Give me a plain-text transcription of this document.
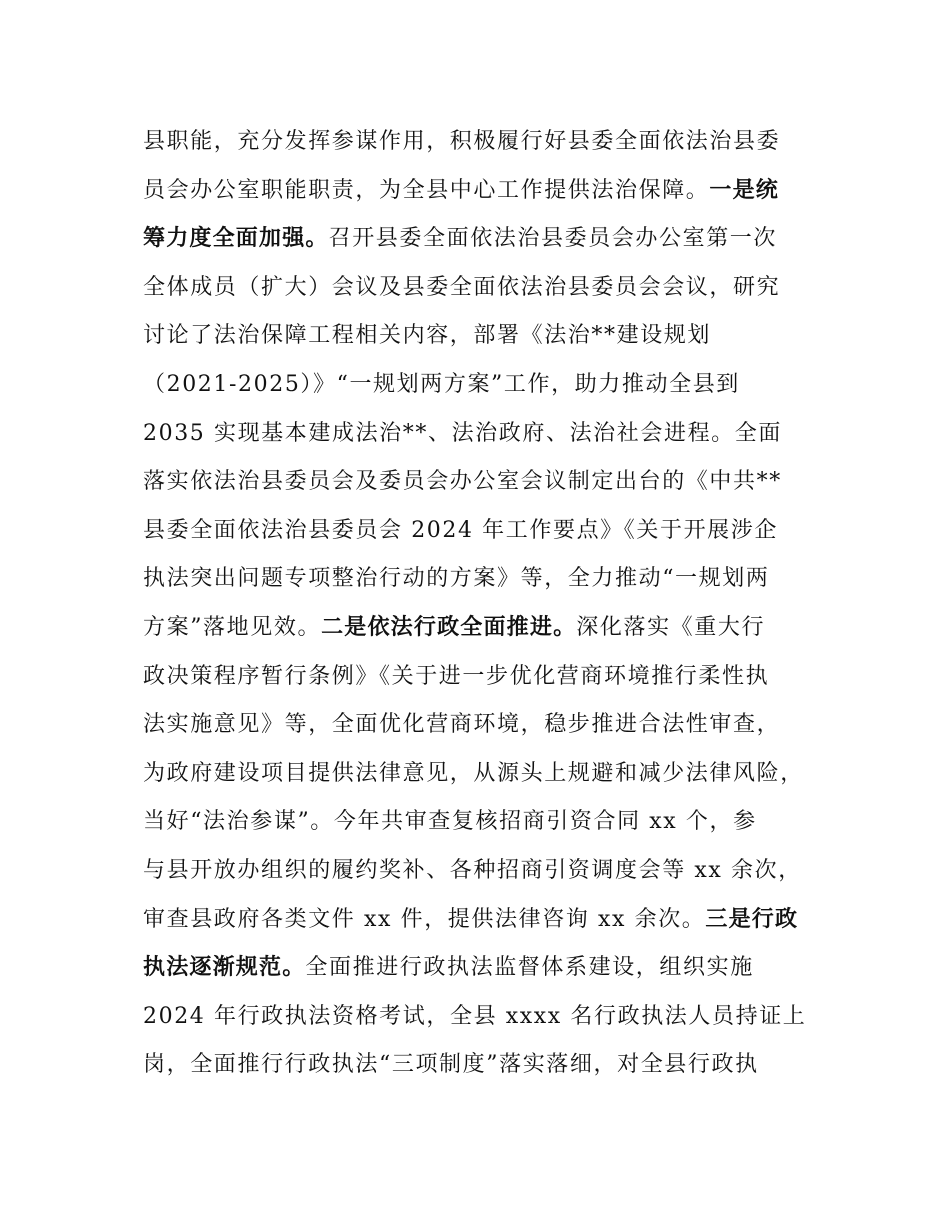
县职能，充分发挥参谋作用，积极履行好县委全面依法治县委
员会办公室职能职责，为全县中心工作提供法治保障。一是统
筹力度全面加强。召开县委全面依法治县委员会办公室第一次
全体成员（扩大）会议及县委全面依法治县委员会会议，研究
讨论了法治保障工程相关内容，部署《法治**建设规划
（2021-2025）》“一规划两方案”工作，助力推动全县到
2035 实现基本建成法治**、法治政府、法治社会进程。全面
落实依法治县委员会及委员会办公室会议制定出台的《中共**
县委全面依法治县委员会 2024 年工作要点》《关于开展涉企
执法突出问题专项整治行动的方案》等，全力推动“一规划两
方案”落地见效。二是依法行政全面推进。深化落实《重大行
政决策程序暂行条例》《关于进一步优化营商环境推行柔性执
法实施意见》等，全面优化营商环境，稳步推进合法性审查，
为政府建设项目提供法律意见，从源头上规避和减少法律风险，
当好“法治参谋”。今年共审查复核招商引资合同 xx 个，参
与县开放办组织的履约奖补、各种招商引资调度会等 xx 余次，
审查县政府各类文件 xx 件，提供法律咨询 xx 余次。三是行政
执法逐渐规范。全面推进行政执法监督体系建设，组织实施
2024 年行政执法资格考试，全县 xxxx 名行政执法人员持证上
岗，全面推行行政执法“三项制度”落实落细，对全县行政执
